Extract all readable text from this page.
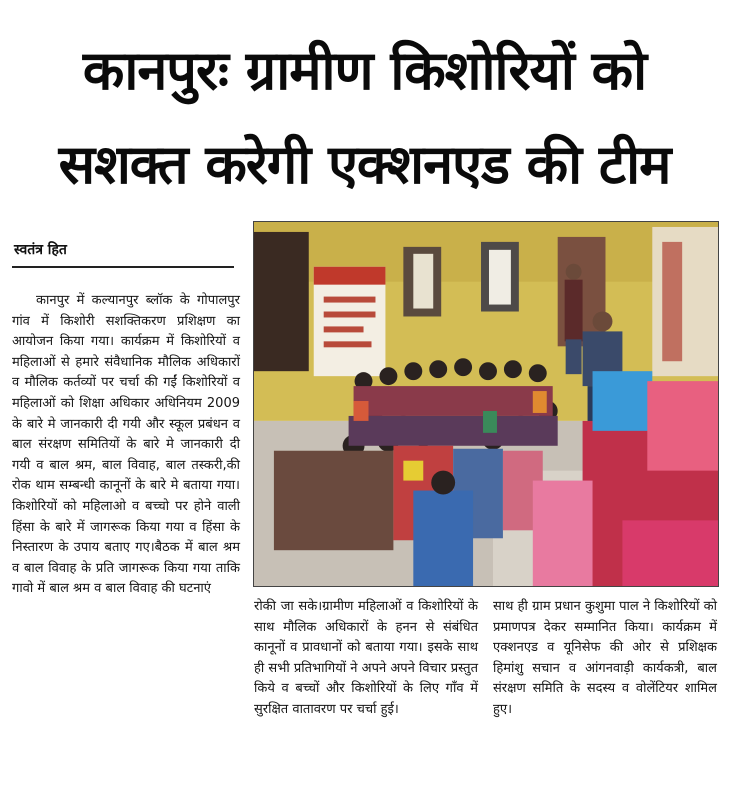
कानपुरः ग्रामीण किशोरियों को
सशक्त करेगी एक्शनएड की टीम
स्वतंत्र हित
कानपुर में कल्यानपुर ब्लॉक के गोपालपुर गांव में किशोरी सशक्तिकरण प्रशिक्षण का आयोजन किया गया। कार्यक्रम में किशोरियों व महिलाओं से हमारे संवैधानिक मौलिक अधिकारों व मौलिक कर्तव्यों पर चर्चा की गईं किशोरियों व महिलाओं को शिक्षा अधिकार अधिनियम 2009 के बारे मे जानकारी दी गयी और स्कूल प्रबंधन व बाल संरक्षण समितियों के बारे मे जानकारी दी गयी व बाल श्रम, बाल विवाह, बाल तस्करी,की रोक थाम सम्बन्धी कानूनों के बारे मे बताया गया। किशोरियों को महिलाओ व बच्चो पर होने वाली हिंसा के बारे में जागरूक किया गया व हिंसा के निस्तारण के उपाय बताए गए।बैठक में बाल श्रम व बाल विवाह के प्रति जागरूक किया गया ताकि गावो में बाल श्रम व बाल विवाह की घटनाएं
रोकी जा सके।ग्रामीण महिलाओं व किशोरियों के साथ मौलिक अधिकारों के हनन से संबंधित कानूनों व प्रावधानों को बताया गया। इसके साथ ही सभी प्रतिभागियों ने अपने अपने विचार प्रस्तुत किये व बच्चों और किशोरियों के लिए गाँव में सुरक्षित वातावरण पर चर्चा हुई।
साथ ही ग्राम प्रधान कुशुमा पाल ने किशोरियों को प्रमाणपत्र देकर सम्मानित किया। कार्यक्रम में एक्शनएड व यूनिसेफ की ओर से प्रशिक्षक हिमांशु सचान व आंगनवाड़ी कार्यकत्री, बाल संरक्षण समिति के सदस्य व वोलेंटियर शामिल हुए।
